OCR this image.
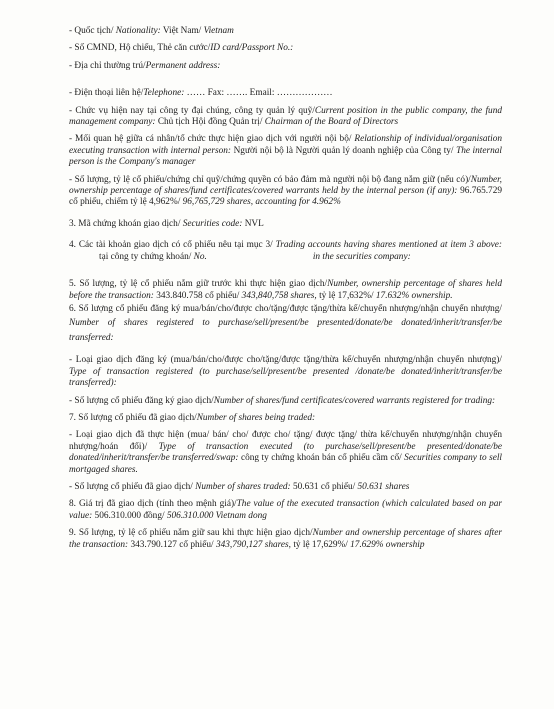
- Quốc tịch/ Nationality: Việt Nam/ Vietnam

- Số CMND, Hộ chiếu, Thẻ căn cước/ID card/Passport No.:

- Địa chỉ thường trú/Permanent address:

- Điện thoại liên hệ/Telephone: …… Fax: ……. Email: ………………

- Chức vụ hiện nay tại công ty đại chúng, công ty quản lý quỹ/Current position in the public company, the fund management company: Chủ tịch Hội đồng Quản trị/ Chairman of the Board of Directors

- Mối quan hệ giữa cá nhân/tổ chức thực hiện giao dịch với người nội bộ/ Relationship of individual/organisation executing transaction with internal person: Người nội bộ là Người quản lý doanh nghiệp của Công ty/ The internal person is the Company's manager

- Số lượng, tỷ lệ cổ phiếu/chứng chỉ quỹ/chứng quyền có bảo đảm mà người nội bộ đang nắm giữ (nếu có)/Number, ownership percentage of shares/fund certificates/covered warrants held by the internal person (if any): 96.765.729 cổ phiếu, chiếm tỷ lệ 4,962%/ 96,765,729 shares, accounting for 4.962%

3. Mã chứng khoán giao dịch/ Securities code: NVL

4. Các tài khoản giao dịch có cổ phiếu nêu tại mục 3/ Trading accounts having shares mentioned at item 3 above:tại công ty chứng khoán/ No.	in the securities company:

5. Số lượng, tỷ lệ cổ phiếu nắm giữ trước khi thực hiện giao dịch/Number, ownership percentage of shares held before the transaction: 343.840.758 cổ phiếu/ 343,840,758 shares, tỷ lệ 17,632%/ 17.632% ownership.

6. Số lượng cổ phiếu đăng ký mua/bán/cho/được cho/tặng/được tặng/thừa kế/chuyển nhượng/nhận chuyển nhượng/ Number of shares registered to purchase/sell/present/be presented/donate/be donated/inherit/transfer/be transferred:

- Loại giao dịch đăng ký (mua/bán/cho/được cho/tặng/được tặng/thừa kế/chuyển nhượng/nhận chuyển nhượng)/ Type of transaction registered (to purchase/sell/present/be presented /donate/be donated/inherit/transfer/be transferred):

- Số lượng cổ phiếu đăng ký giao dịch/Number of shares/fund certificates/covered warrants registered for trading:

7. Số lượng cổ phiếu đã giao dịch/Number of shares being traded:

- Loại giao dịch đã thực hiện (mua/ bán/ cho/ được cho/ tặng/ được tặng/ thừa kế/chuyển nhượng/nhận chuyển nhượng/hoán đổi)/ Type of transaction executed (to purchase/sell/present/be presented/donate/be donated/inherit/transfer/be transferred/swap: công ty chứng khoán bán cổ phiếu cầm cố/ Securities company to sell mortgaged shares.

- Số lượng cổ phiếu đã giao dịch/ Number of shares traded: 50.631 cổ phiếu/ 50.631 shares

8. Giá trị đã giao dịch (tính theo mệnh giá)/The value of the executed transaction (which calculated based on par value: 506.310.000 đồng/ 506.310.000 Vietnam dong

9. Số lượng, tỷ lệ cổ phiếu nắm giữ sau khi thực hiện giao dịch/Number and ownership percentage of shares after the transaction: 343.790.127 cổ phiếu/ 343,790,127 shares, tỷ lệ 17,629%/ 17.629% ownership
